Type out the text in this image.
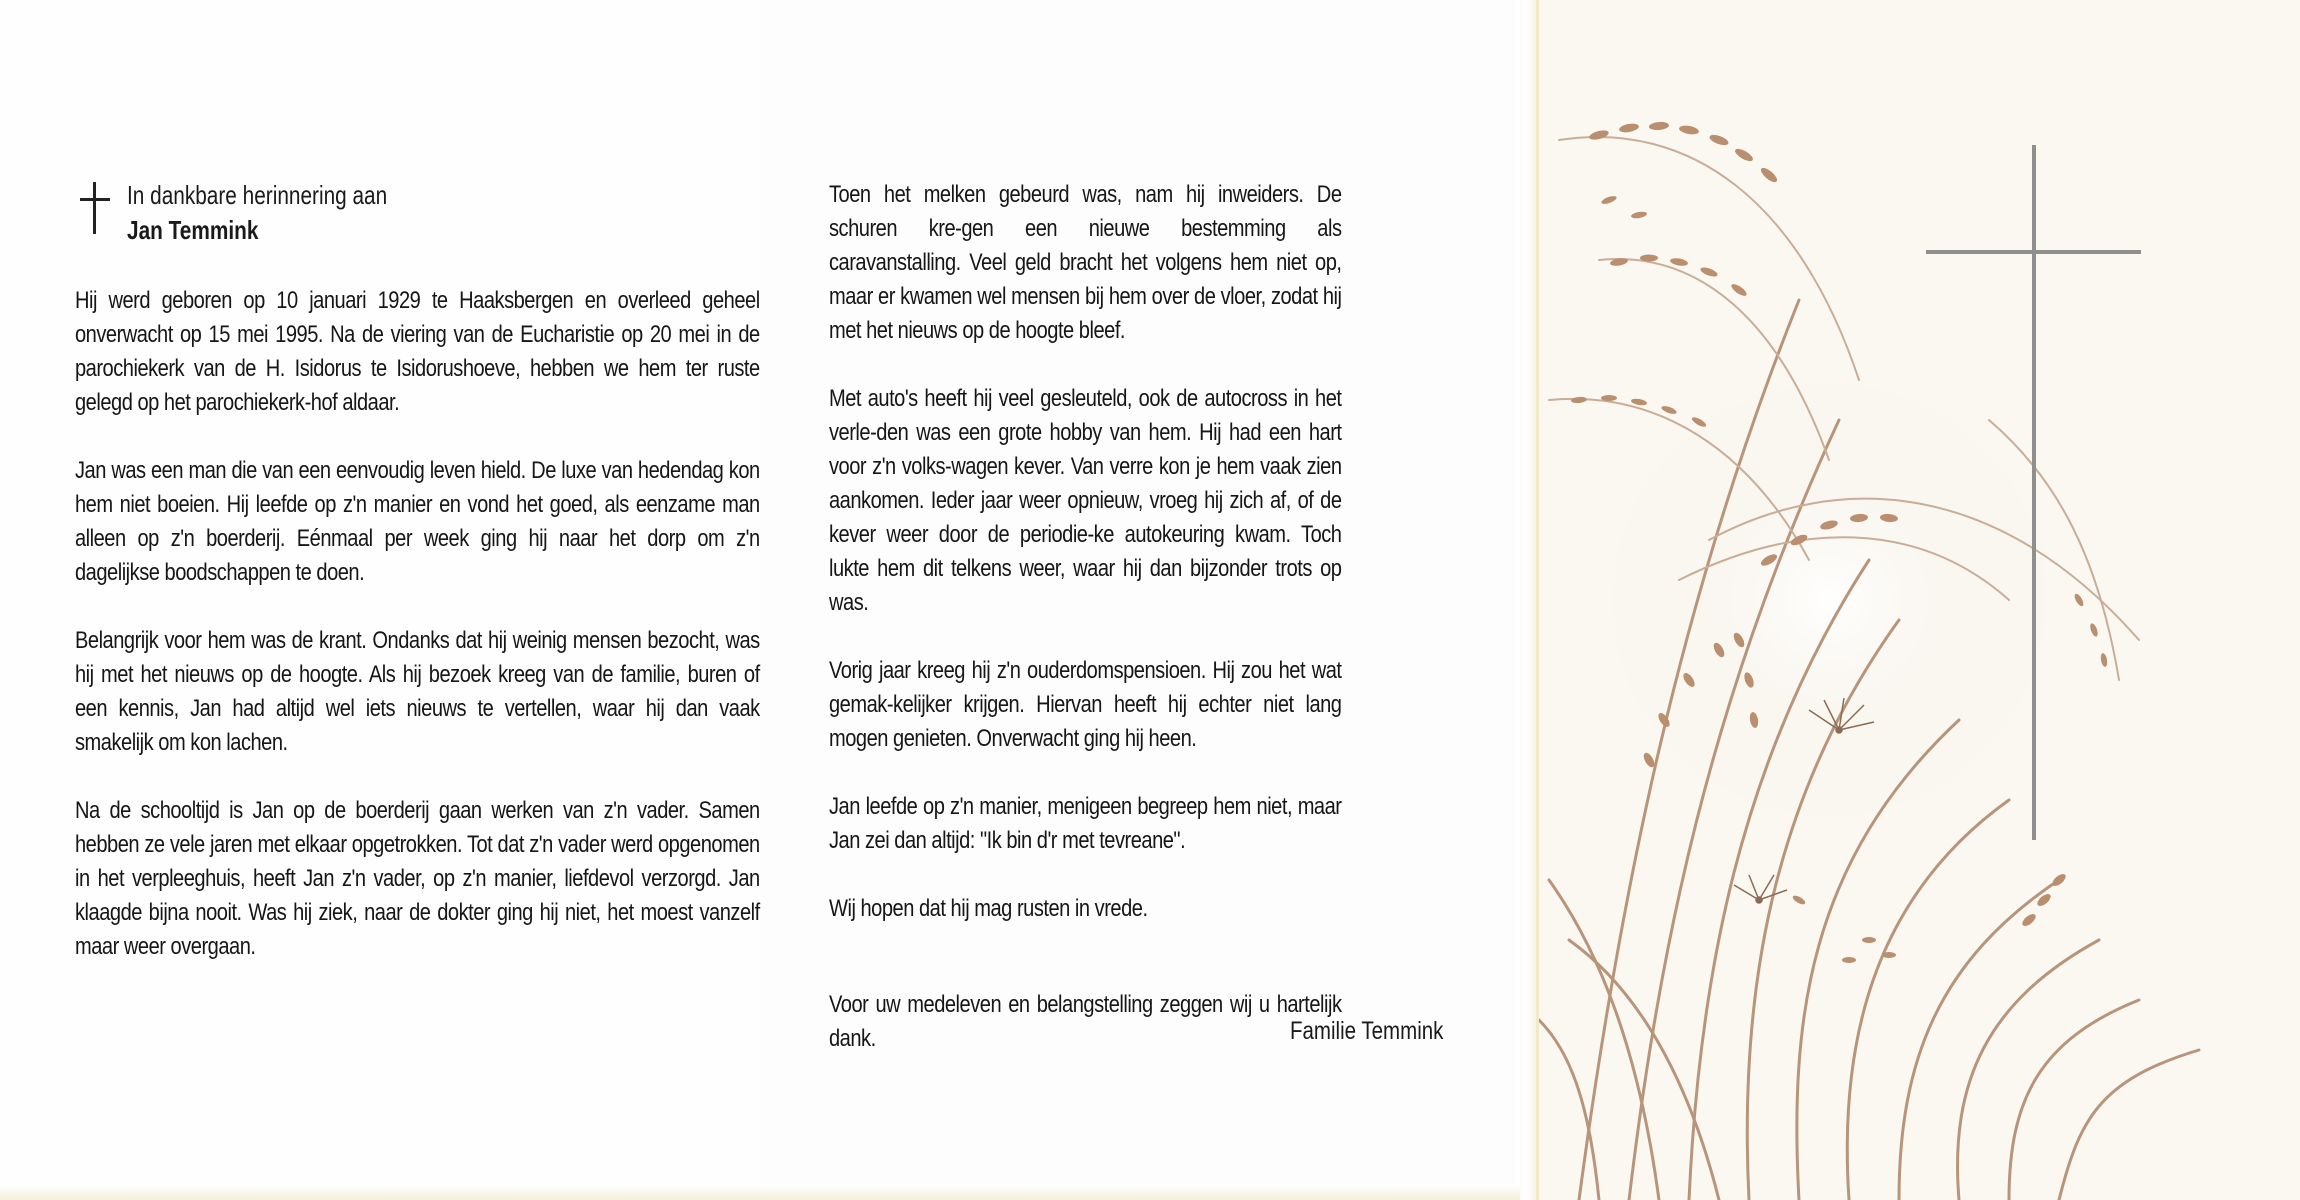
In dankbare herinnering aan
Jan Temmink

Hij werd geboren op 10 januari 1929 te Haaksbergen en overleed geheel onverwacht op 15 mei 1995. Na de viering van de Eucharistie op 20 mei in de parochiekerk van de H. Isidorus te Isidorushoeve, hebben we hem ter ruste gelegd op het parochiekerk-hof aldaar.

Jan was een man die van een eenvoudig leven hield. De luxe van hedendag kon hem niet boeien. Hij leefde op z'n manier en vond het goed, als eenzame man alleen op z'n boerderij. Eénmaal per week ging hij naar het dorp om z'n dagelijkse boodschappen te doen.

Belangrijk voor hem was de krant. Ondanks dat hij weinig mensen bezocht, was hij met het nieuws op de hoogte. Als hij bezoek kreeg van de familie, buren of een kennis, Jan had altijd wel iets nieuws te vertellen, waar hij dan vaak smakelijk om kon lachen.

Na de schooltijd is Jan op de boerderij gaan werken van z'n vader. Samen hebben ze vele jaren met elkaar opgetrokken. Tot dat z'n vader werd opgenomen in het verpleeghuis, heeft Jan z'n vader, op z'n manier, liefdevol verzorgd. Jan klaagde bijna nooit. Was hij ziek, naar de dokter ging hij niet, het moest vanzelf maar weer overgaan.

Toen het melken gebeurd was, nam hij inweiders. De schuren kre-gen een nieuwe bestemming als caravanstalling. Veel geld bracht het volgens hem niet op, maar er kwamen wel mensen bij hem over de vloer, zodat hij met het nieuws op de hoogte bleef.

Met auto's heeft hij veel gesleuteld, ook de autocross in het verle-den was een grote hobby van hem. Hij had een hart voor z'n volks-wagen kever. Van verre kon je hem vaak zien aankomen. Ieder jaar weer opnieuw, vroeg hij zich af, of de kever weer door de periodie-ke autokeuring kwam. Toch lukte hem dit telkens weer, waar hij dan bijzonder trots op was.

Vorig jaar kreeg hij z'n ouderdomspensioen. Hij zou het wat gemak-kelijker krijgen. Hiervan heeft hij echter niet lang mogen genieten. Onverwacht ging hij heen.

Jan leefde op z'n manier, menigeen begreep hem niet, maar Jan zei dan altijd: "Ik bin d'r met tevreane".

Wij hopen dat hij mag rusten in vrede.

Voor uw medeleven en belangstelling zeggen wij u hartelijk dank.	Familie Temmink
